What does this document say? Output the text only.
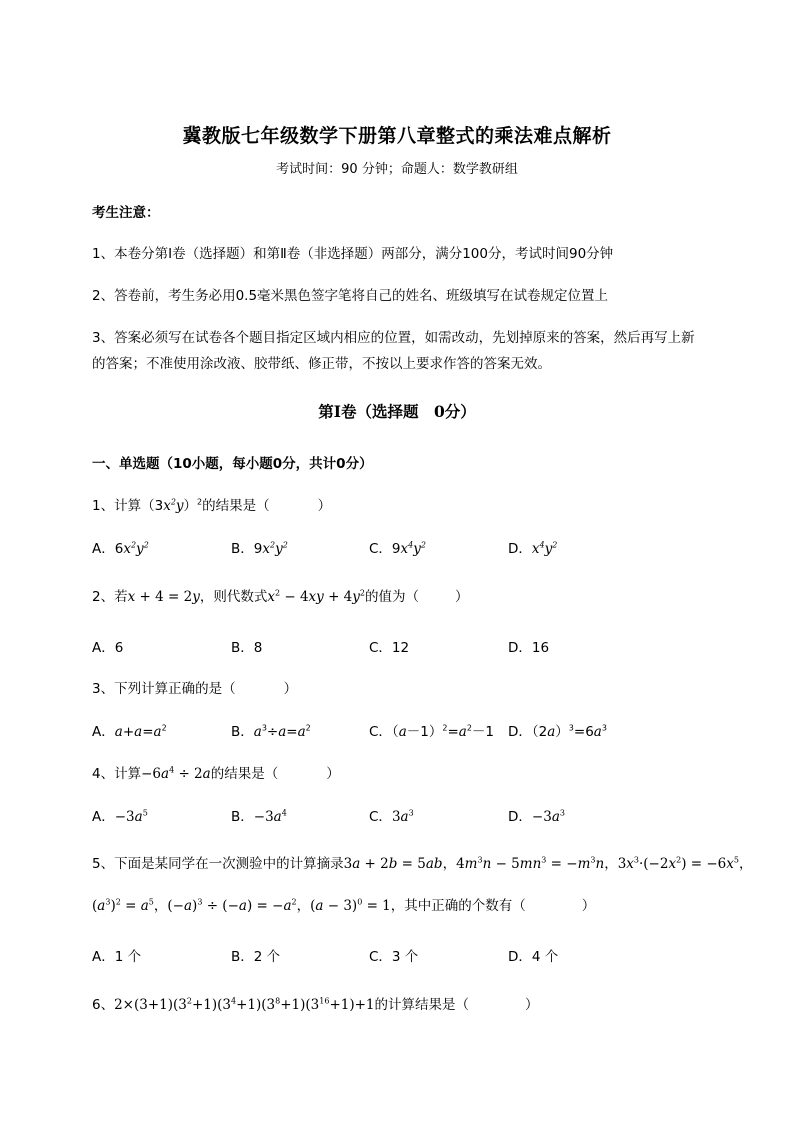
冀教版七年级数学下册第八章整式的乘法难点解析
考试时间：90 分钟；命题人：数学教研组
考生注意：
1、本卷分第I卷（选择题）和第Ⅱ卷（非选择题）两部分，满分100分，考试时间90分钟
2、答卷前，考生务必用0.5毫米黑色签字笔将自己的姓名、班级填写在试卷规定位置上
3、答案必须写在试卷各个题目指定区域内相应的位置，如需改动，先划掉原来的答案，然后再写上新
的答案；不准使用涂改液、胶带纸、修正带，不按以上要求作答的答案无效。
第I卷（选择题　0分）
一、单选题（10小题，每小题0分，共计0分）
1、计算$(3x^2y)^2$的结果是（	）
A．$6x^2y^2$	B．$9x^2y^2$	C．$9x^4y^2$	D．$x^4y^2$
2、若x + 4 = 2y，则代数式$x^2 - 4xy + 4y^2$的值为（	）
A．6	B．8	C．12	D．16
3、下列计算正确的是（	）
A．$a+a=a^2$	B．$a^3\div a=a^2$	C．$(a-1)^2=a^2-1$ D．$(2a)^3=6a^3$
4、计算$-6a^4 \div 2a$的结果是（	）
A．$-3a^5$	B．$-3a^4$	C．$3a^3$	D．$-3a^3$
5、下面是某同学在一次测验中的计算摘录3a + 2b = 5ab，$4m^3n - 5mn^3 = -m^3n$，$3x^3\cdot(-2x^2) = -6x^5$，
$(a^3)^2 = a^5$，$(-a)^3 \div (-a) = -a^2$，$(a - 3)^0 = 1$，其中正确的个数有（	）
A．1 个	B．2 个	C．3 个	D．4 个
6、$2\times(3+1)(3^2+1)(3^4+1)(3^8+1)(3^{16}+1)+1$的计算结果是（	）
